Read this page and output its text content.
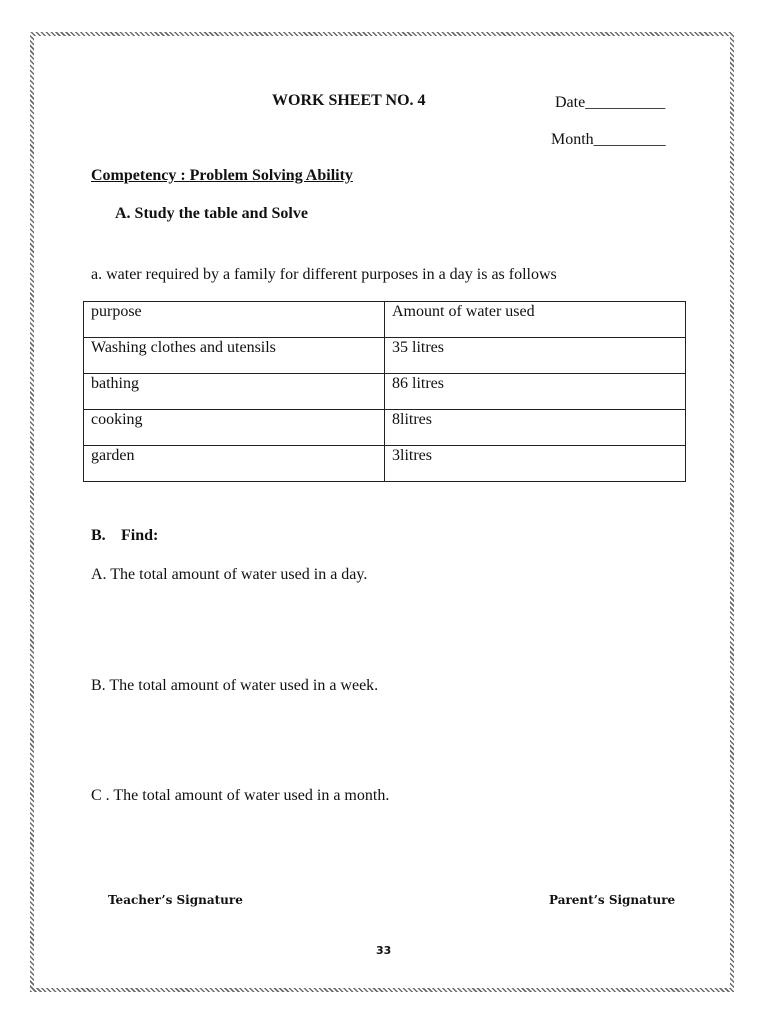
WORK SHEET NO. 4	Date__________
Month_________
Competency : Problem Solving Ability
A. Study the table and Solve
a. water required by a family for different purposes in a day is as follows
purpose	Amount of water used
Washing clothes and utensils	35 litres
bathing	86 litres
cooking	8litres
garden	3litres
B. Find:
A. The total amount of water used in a day.
B. The total amount of water used in a week.
C . The total amount of water used in a month.
Teacher’s Signature	Parent’s Signature
33
